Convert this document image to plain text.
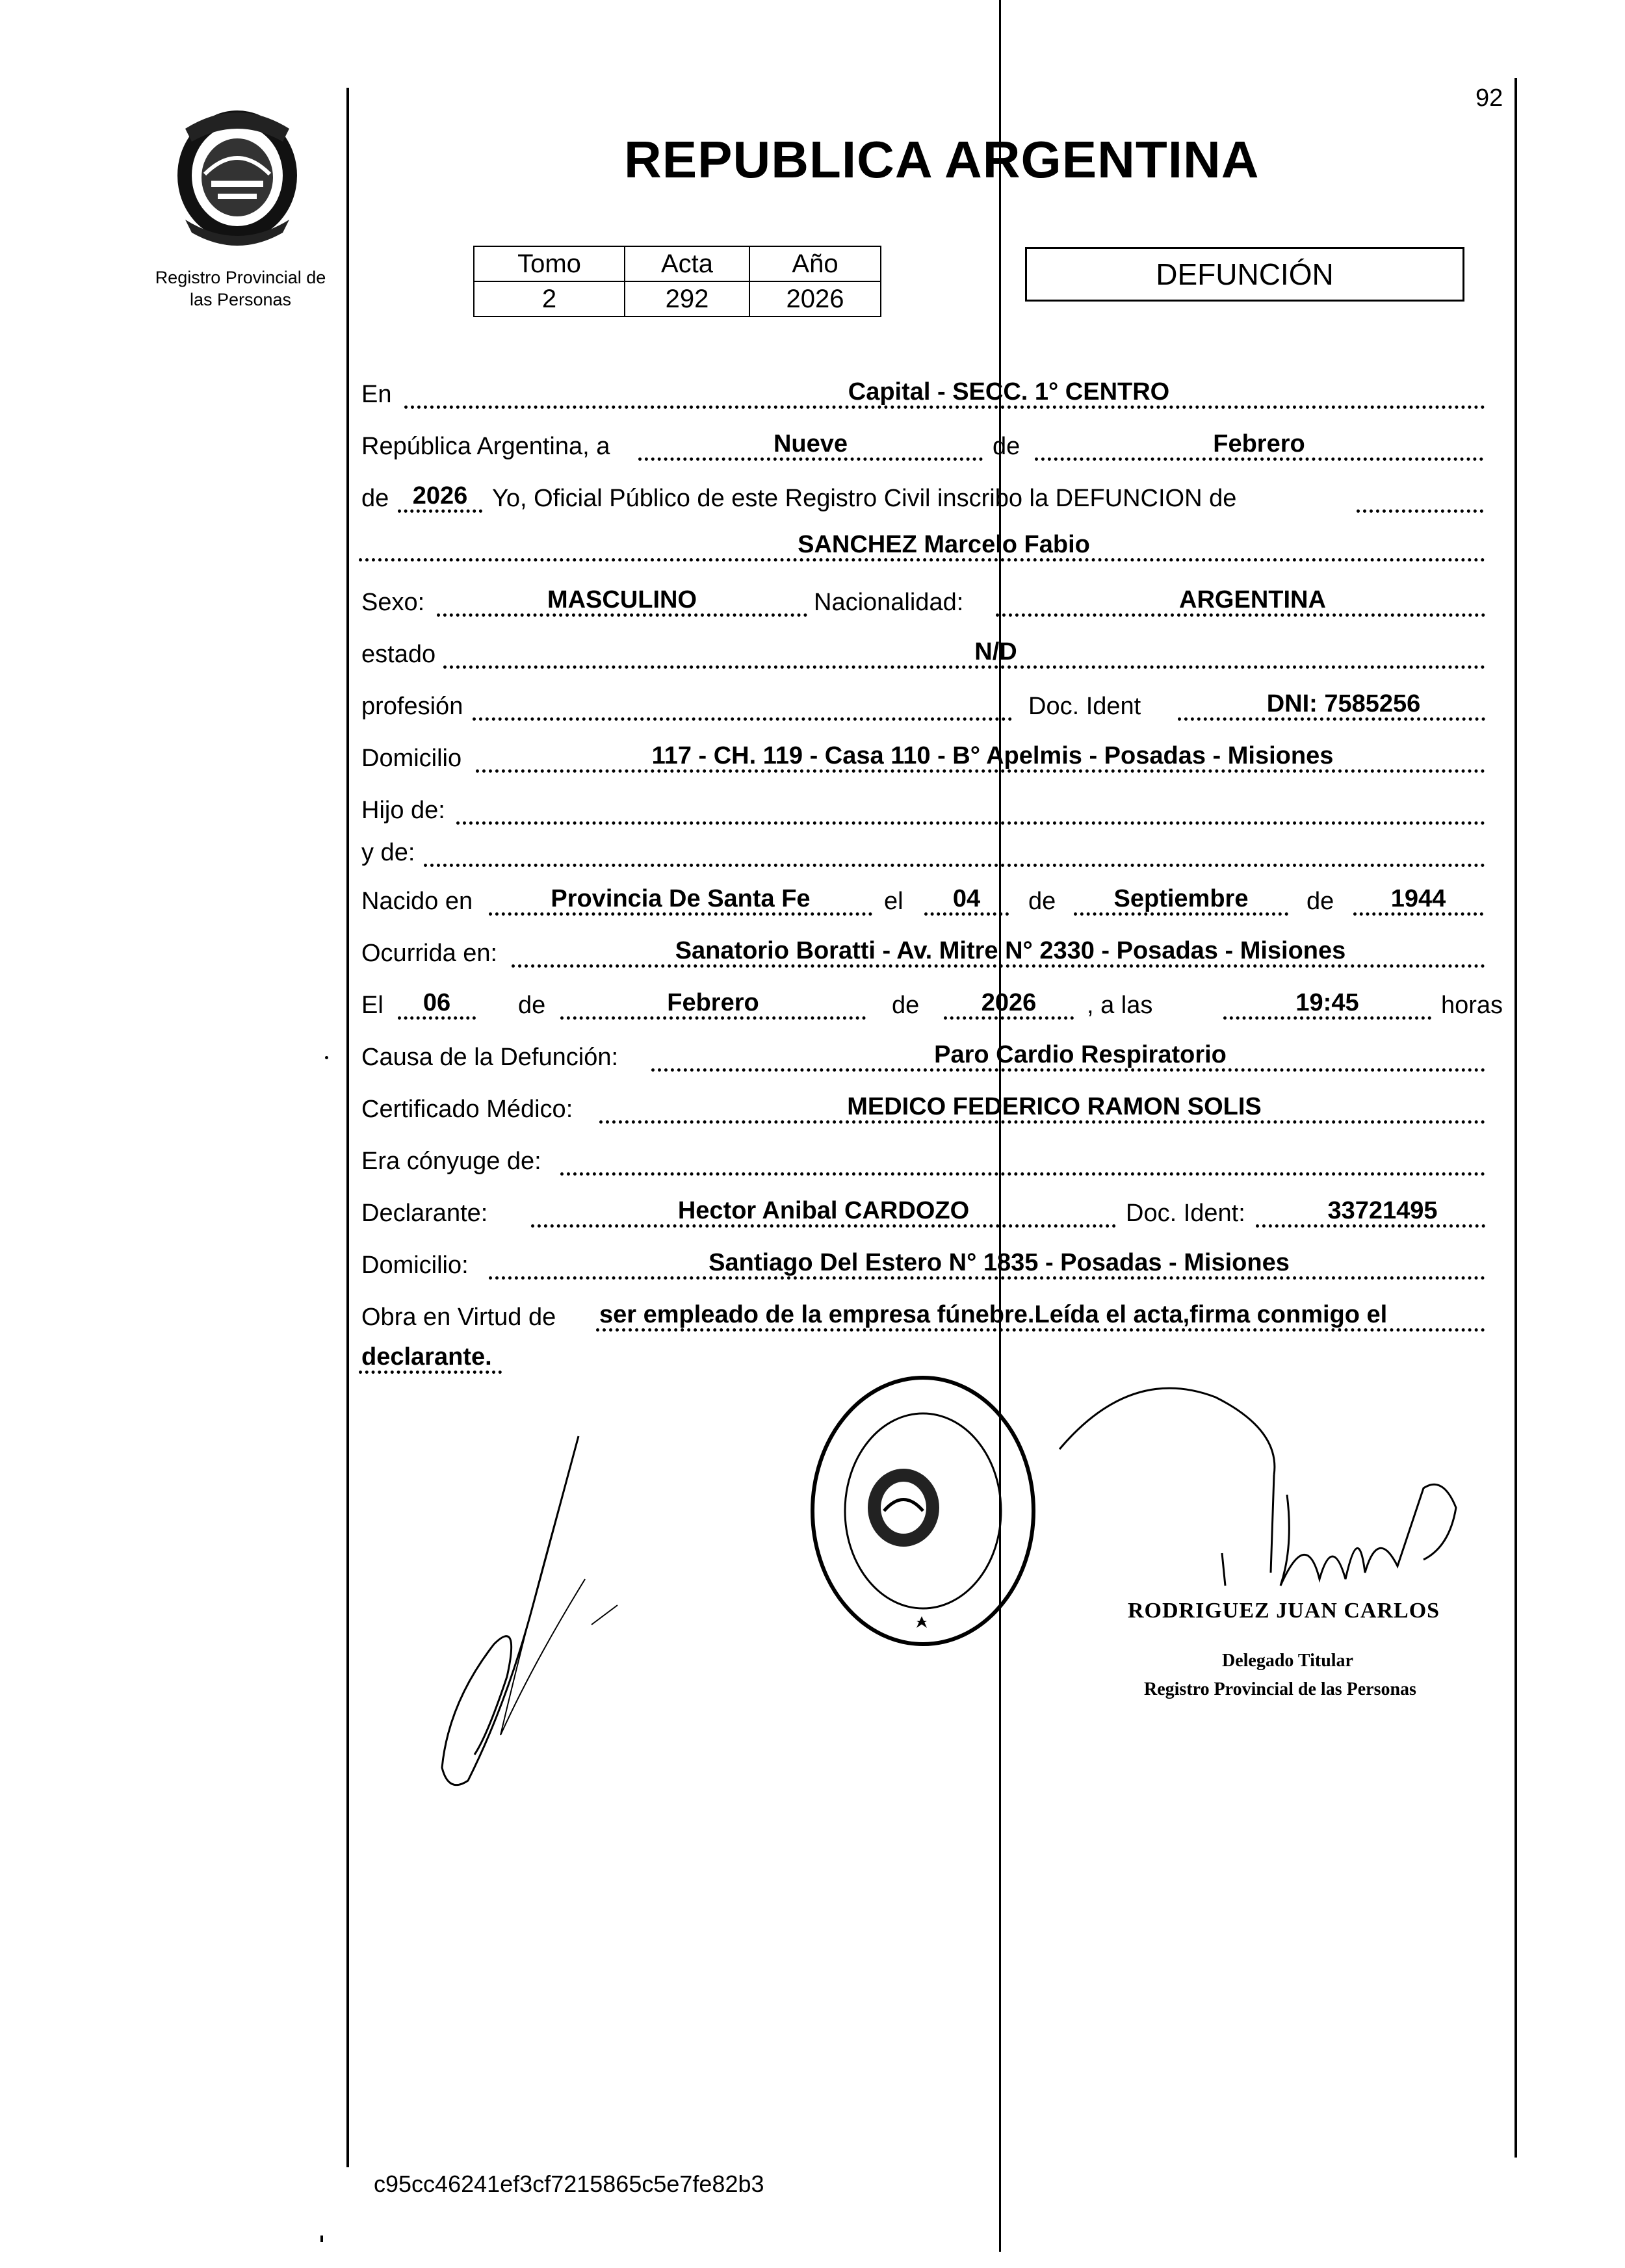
Registro Provincial de
las Personas
92
REPUBLICA ARGENTINA
Tomo	Acta	Año
2	292	2026
DEFUNCIÓN
En	Capital - SECC. 1° CENTRO
República Argentina, a	Nueve	de	Febrero
de 2026 Yo, Oficial Público de este Registro Civil inscribo la DEFUNCION de
SANCHEZ Marcelo Fabio
Sexo:	MASCULINO	Nacionalidad:	ARGENTINA
estado	N/D
profesión	Doc. Ident	DNI: 7585256
Domicilio	117 - CH. 119 - Casa 110 - B° Apelmis - Posadas - Misiones
Hijo de:
y de:
Nacido en	Provincia De Santa Fe	el	04	de	Septiembre	de	1944
Ocurrida en:	Sanatorio Boratti - Av. Mitre N° 2330 - Posadas - Misiones
El	06	de	Febrero	de	2026	, a las	19:45	horas
Causa de la Defunción:	Paro Cardio Respiratorio
Certificado Médico:	MEDICO FEDERICO RAMON SOLIS
Era cónyuge de:
Declarante:	Hector Anibal CARDOZO	Doc. Ident:	33721495
Domicilio:	Santiago Del Estero N° 1835 - Posadas - Misiones
Obra en Virtud de ser empleado de la empresa fúnebre.Leída el acta,firma conmigo el
declarante.
RODRIGUEZ JUAN CARLOS
Delegado Titular
Registro Provincial de las Personas
c95cc46241ef3cf7215865c5e7fe82b3
